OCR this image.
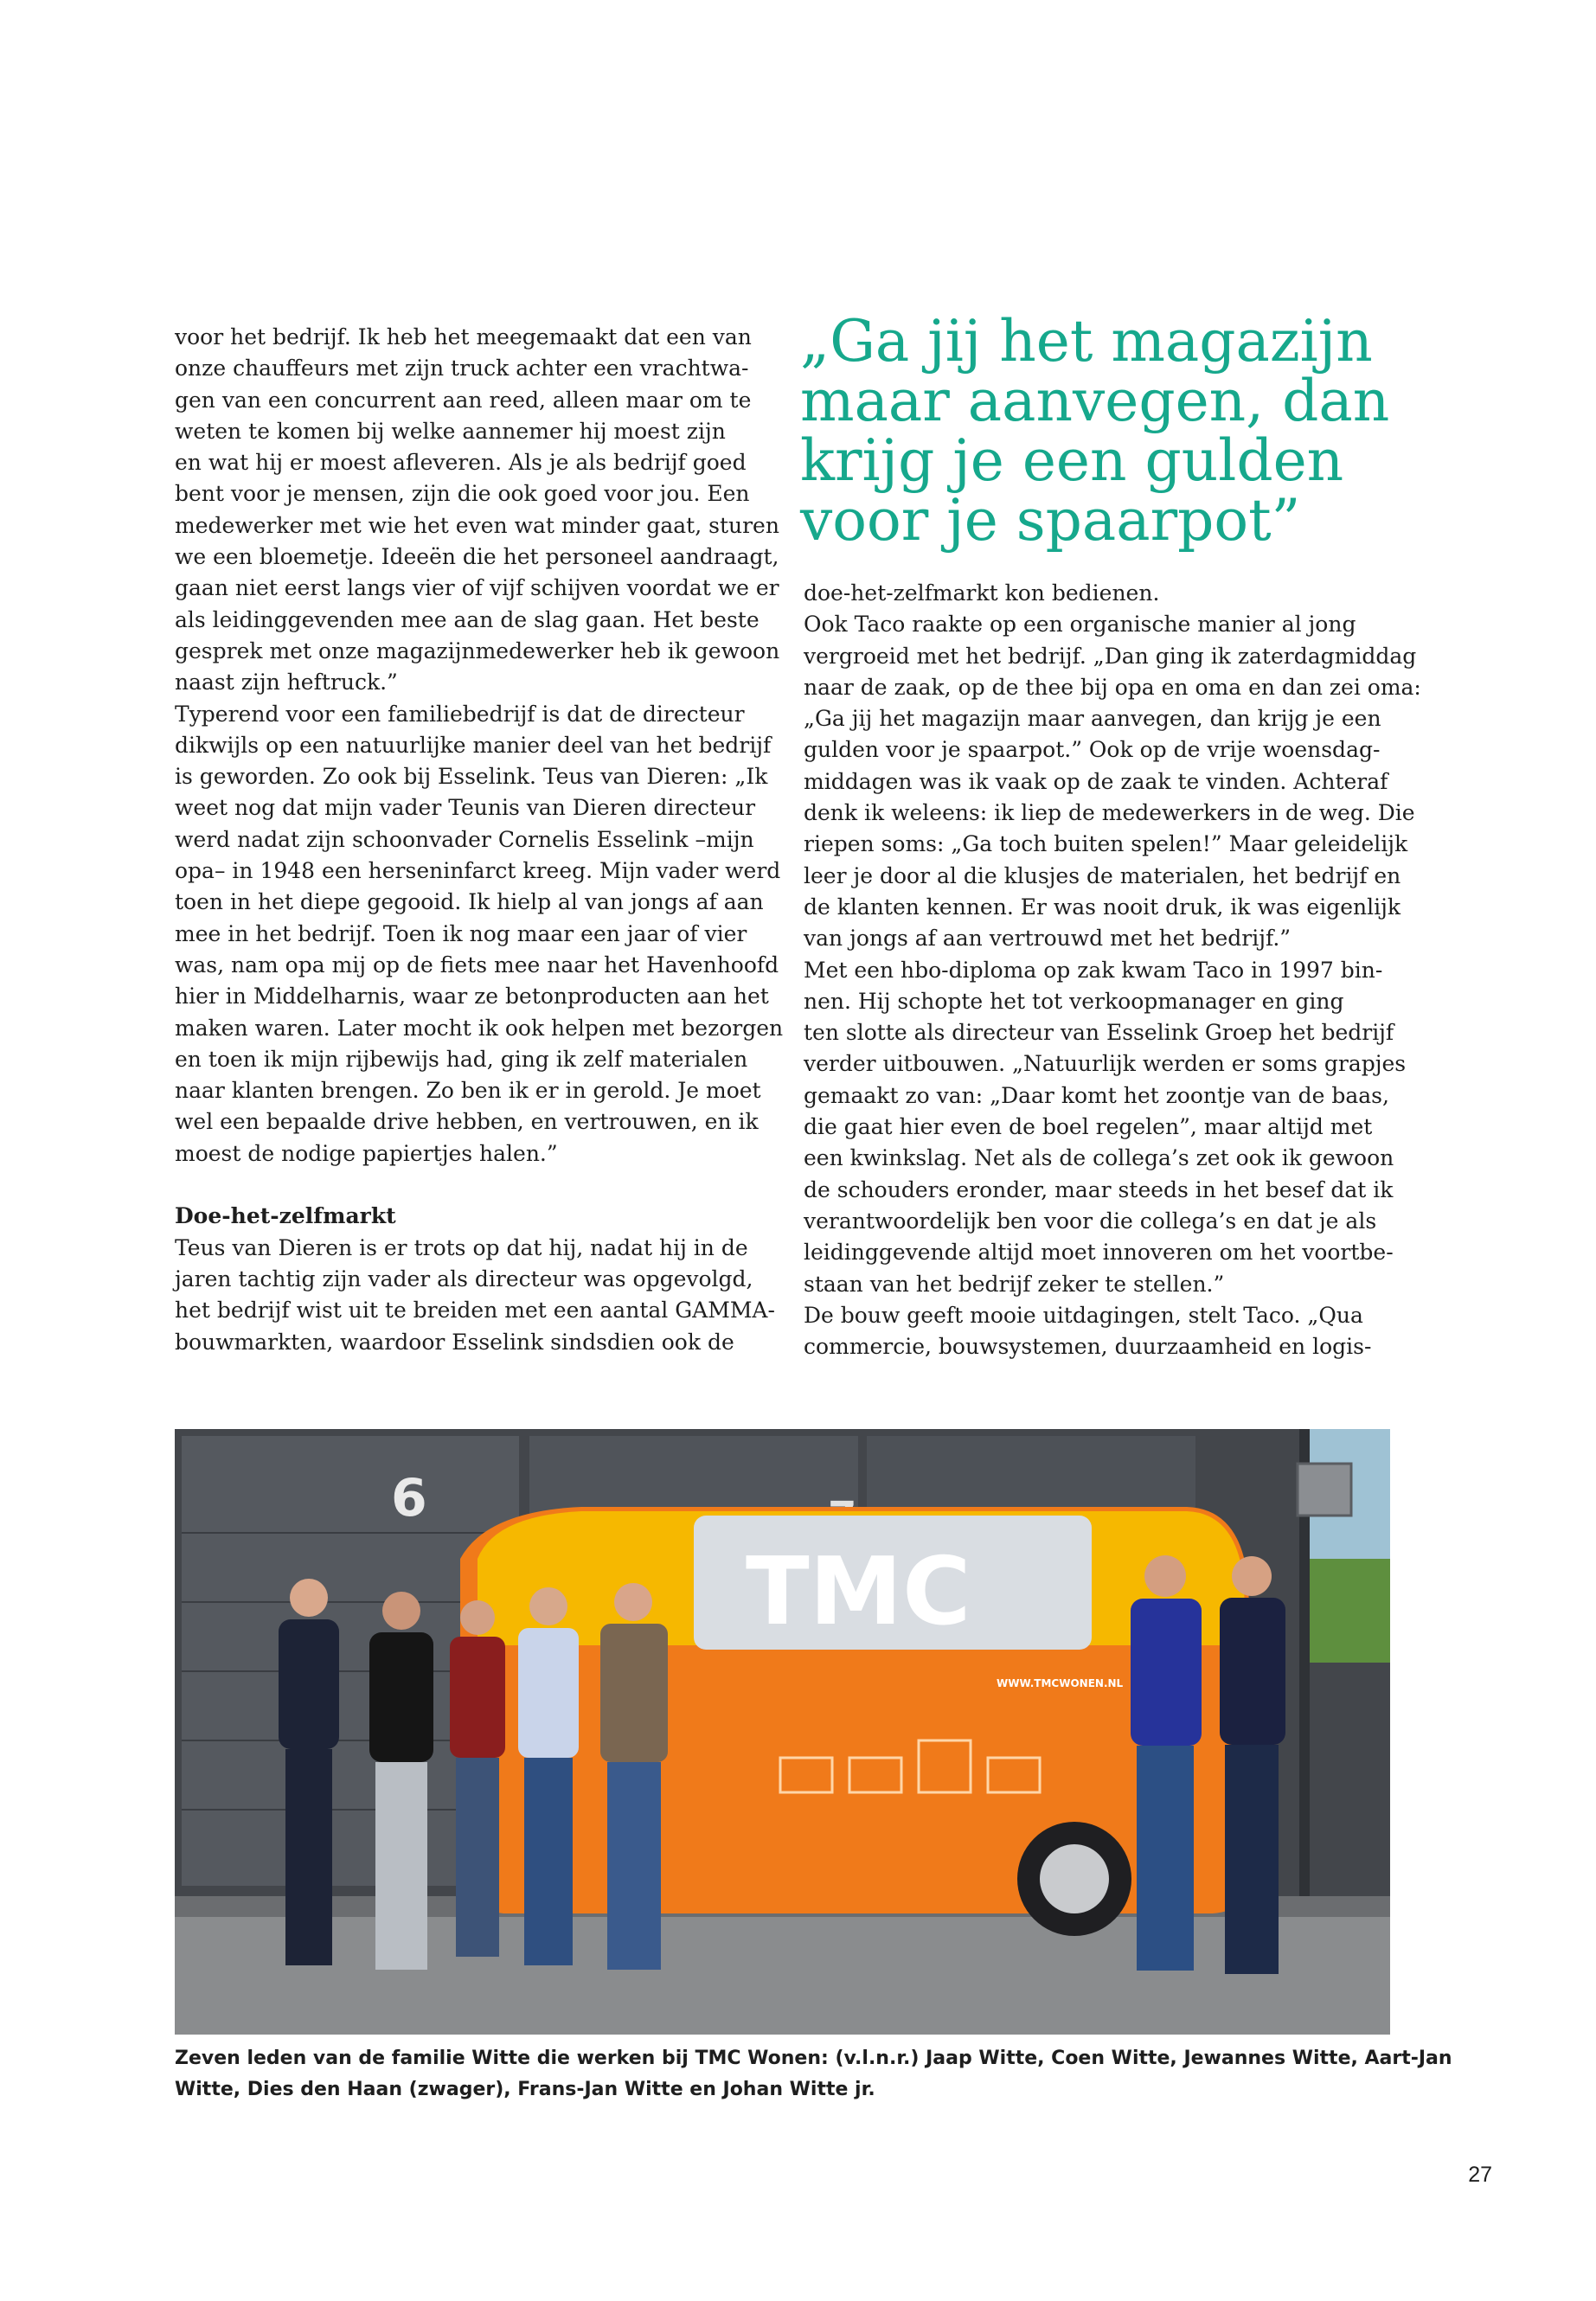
voor het bedrijf. Ik heb het meegemaakt dat een van
onze chauffeurs met zijn truck achter een vrachtwa-
gen van een concurrent aan reed, alleen maar om te
weten te komen bij welke aannemer hij moest zijn
en wat hij er moest afleveren. Als je als bedrijf goed
bent voor je mensen, zijn die ook goed voor jou. Een
medewerker met wie het even wat minder gaat, sturen
we een bloemetje. Ideeën die het personeel aandraagt,
gaan niet eerst langs vier of vijf schijven voordat we er
als leidinggevenden mee aan de slag gaan. Het beste
gesprek met onze magazijnmedewerker heb ik gewoon
naast zijn heftruck.”
Typerend voor een familiebedrijf is dat de directeur
dikwijls op een natuurlijke manier deel van het bedrijf
is geworden. Zo ook bij Esselink. Teus van Dieren: „Ik
weet nog dat mijn vader Teunis van Dieren directeur
werd nadat zijn schoonvader Cornelis Esselink –mijn
opa– in 1948 een herseninfarct kreeg. Mijn vader werd
toen in het diepe gegooid. Ik hielp al van jongs af aan
mee in het bedrijf. Toen ik nog maar een jaar of vier
was, nam opa mij op de fiets mee naar het Havenhoofd
hier in Middelharnis, waar ze betonproducten aan het
maken waren. Later mocht ik ook helpen met bezorgen
en toen ik mijn rijbewijs had, ging ik zelf materialen
naar klanten brengen. Zo ben ik er in gerold. Je moet
wel een bepaalde drive hebben, en vertrouwen, en ik
moest de nodige papiertjes halen.”
Doe-het-zelfmarkt
Teus van Dieren is er trots op dat hij, nadat hij in de
jaren tachtig zijn vader als directeur was opgevolgd,
het bedrijf wist uit te breiden met een aantal GAMMA-
bouwmarkten, waardoor Esselink sindsdien ook de
„Ga jij het magazijn
maar aanvegen, dan
krijg je een gulden
voor je spaarpot”
doe-het-zelfmarkt kon bedienen.
Ook Taco raakte op een organische manier al jong
vergroeid met het bedrijf. „Dan ging ik zaterdagmiddag
naar de zaak, op de thee bij opa en oma en dan zei oma:
„Ga jij het magazijn maar aanvegen, dan krijg je een
gulden voor je spaarpot.” Ook op de vrije woensdag-
middagen was ik vaak op de zaak te vinden. Achteraf
denk ik weleens: ik liep de medewerkers in de weg. Die
riepen soms: „Ga toch buiten spelen!” Maar geleidelijk
leer je door al die klusjes de materialen, het bedrijf en
de klanten kennen. Er was nooit druk, ik was eigenlijk
van jongs af aan vertrouwd met het bedrijf.”
Met een hbo-diploma op zak kwam Taco in 1997 bin-
nen. Hij schopte het tot verkoopmanager en ging
ten slotte als directeur van Esselink Groep het bedrijf
verder uitbouwen. „Natuurlijk werden er soms grapjes
gemaakt zo van: „Daar komt het zoontje van de baas,
die gaat hier even de boel regelen”, maar altijd met
een kwinkslag. Net als de collega’s zet ook ik gewoon
de schouders eronder, maar steeds in het besef dat ik
verantwoordelijk ben voor die collega’s en dat je als
leidinggevende altijd moet innoveren om het voortbe-
staan van het bedrijf zeker te stellen.”
De bouw geeft mooie uitdagingen, stelt Taco. „Qua
commercie, bouwsystemen, duurzaamheid en logis-
6
TMC
WWW.TMCWONEN.NL
Zeven leden van de familie Witte die werken bij TMC Wonen: (v.l.n.r.) Jaap Witte, Coen Witte, Jewannes Witte, Aart-Jan
Witte, Dies den Haan (zwager), Frans-Jan Witte en Johan Witte jr.
27
